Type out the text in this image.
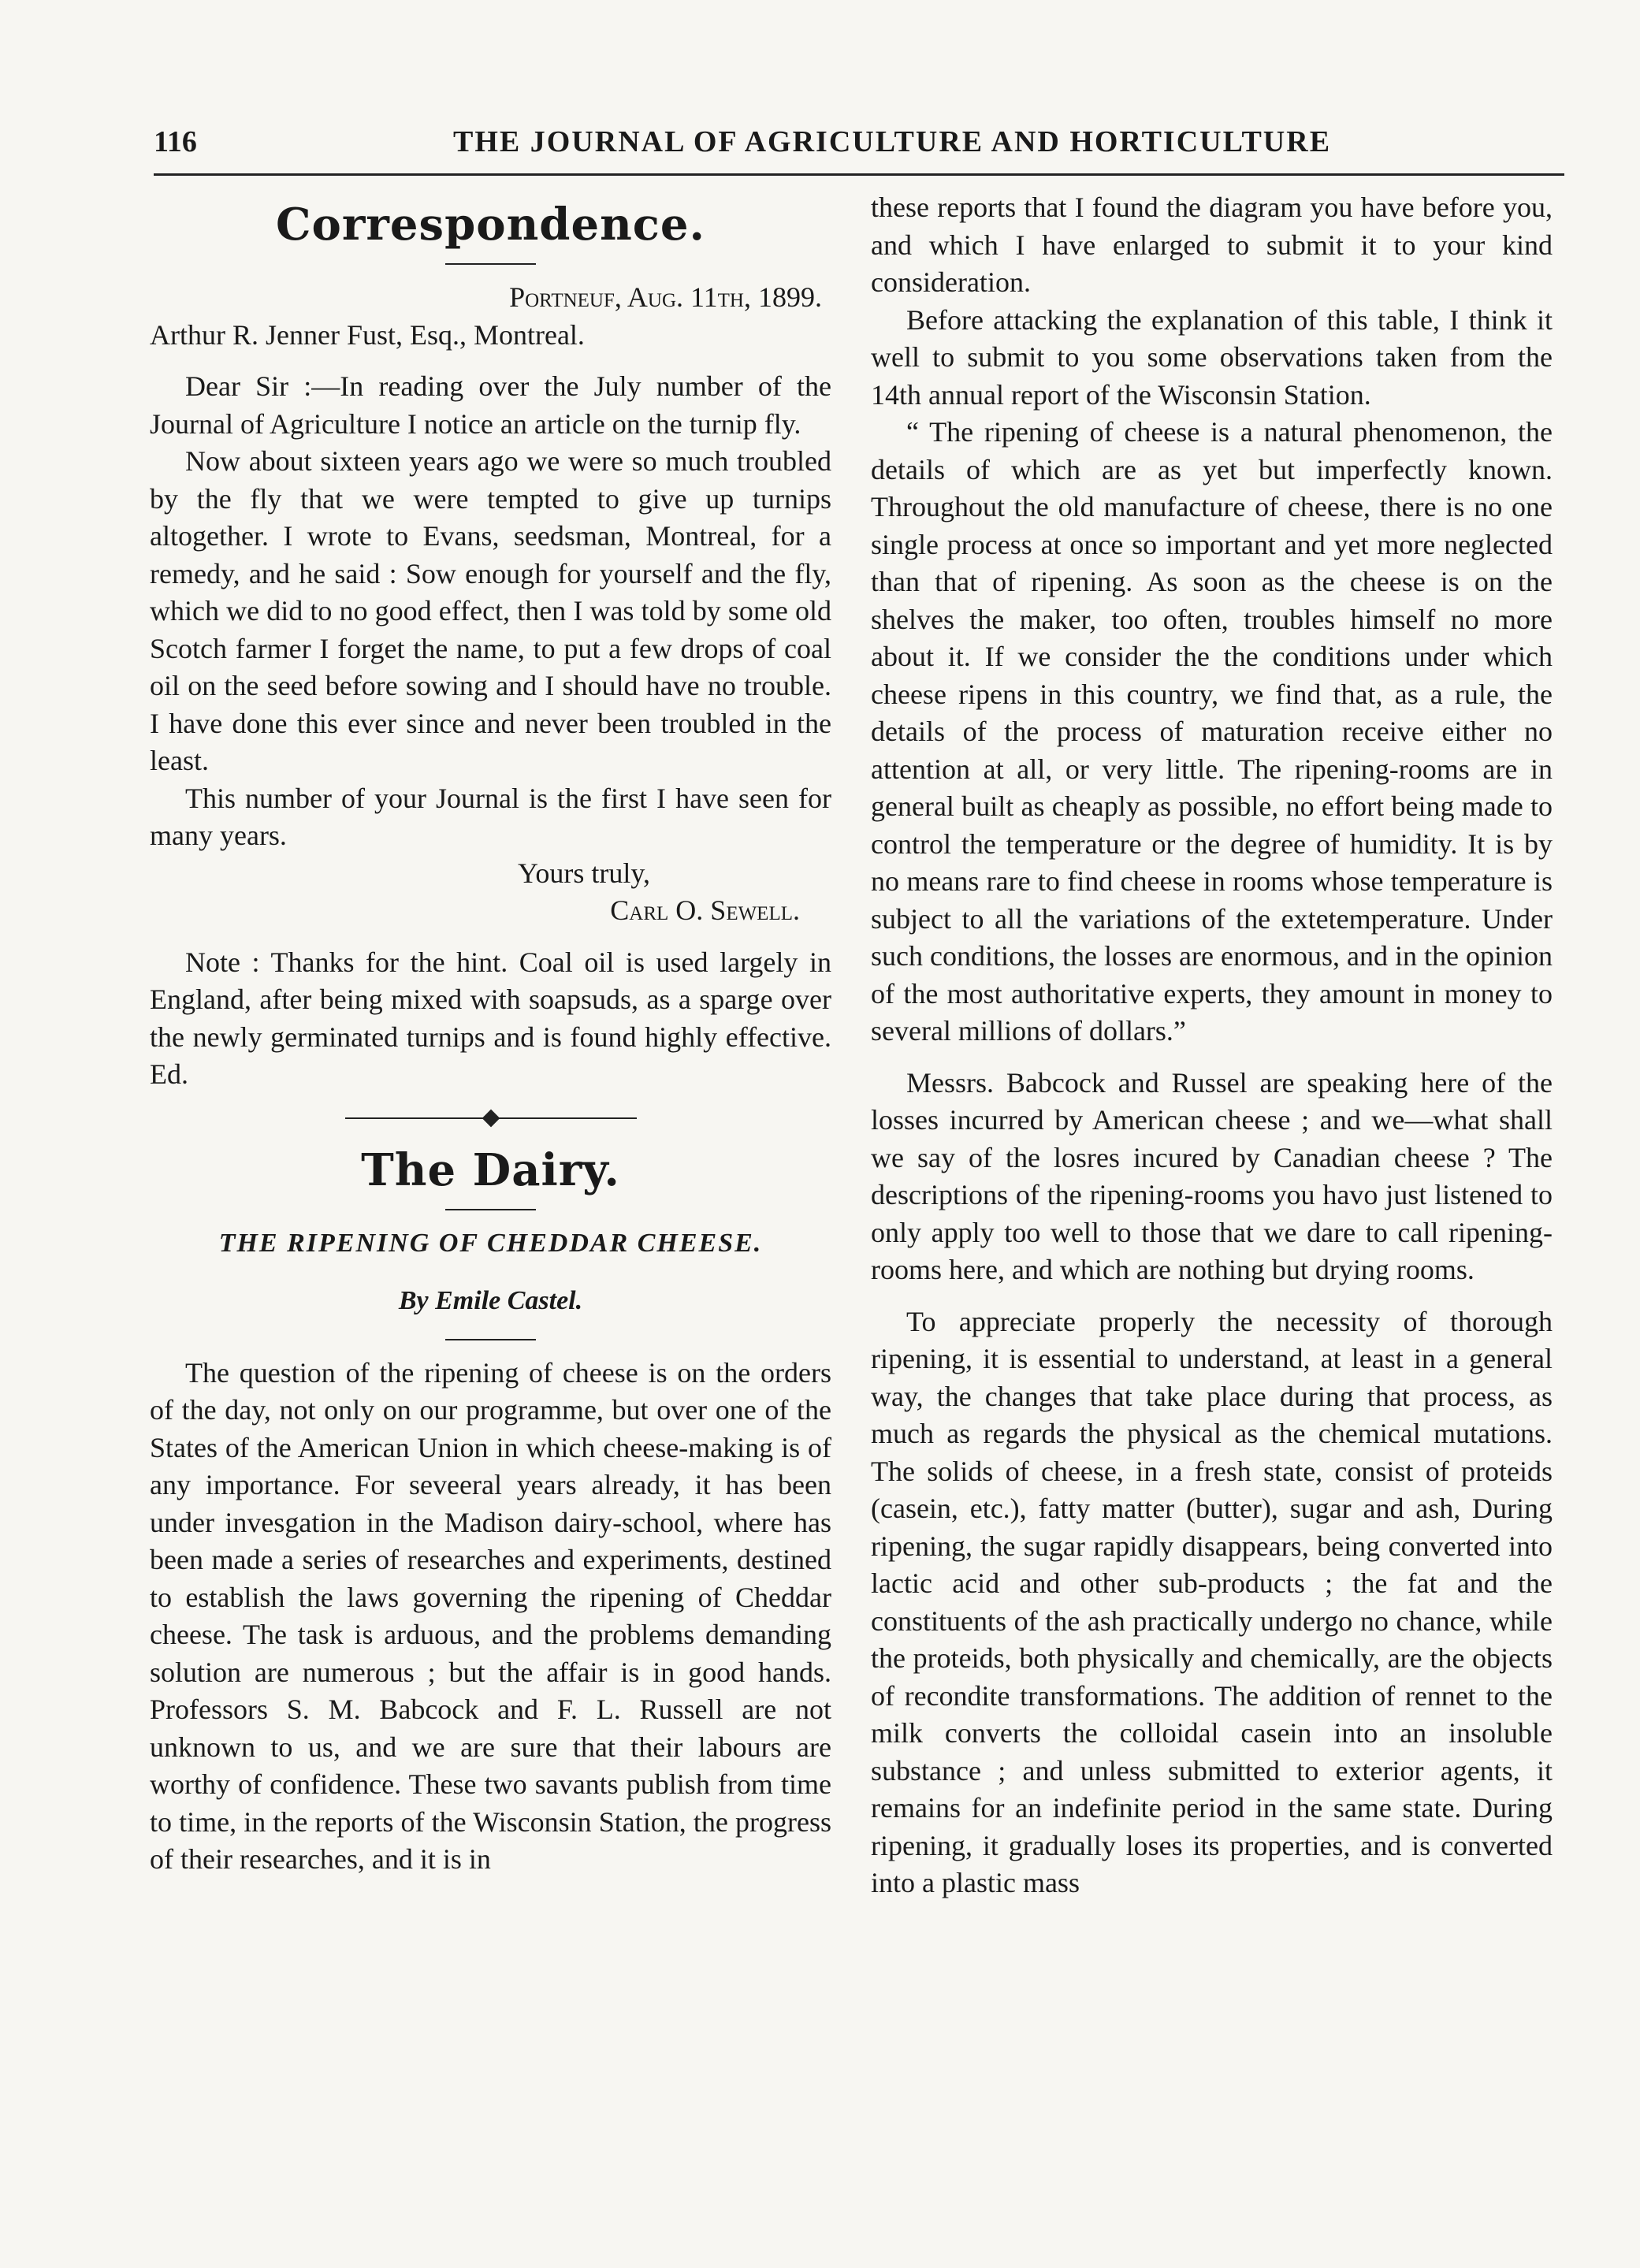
116	THE JOURNAL OF AGRICULTURE AND HORTICULTURE
Correspondence.

Portneuf, Aug. 11th, 1899.

Arthur R. Jenner Fust, Esq., Montreal.

Dear Sir :—In reading over the July number of the Journal of Agriculture I notice an article on the turnip fly.

Now about sixteen years ago we were so much troubled by the fly that we were tempted to give up turnips altogether. I wrote to Evans, seedsman, Montreal, for a remedy, and he said : Sow enough for yourself and the fly, which we did to no good effect, then I was told by some old Scotch farmer I forget the name, to put a few drops of coal oil on the seed before sowing and I should have no trouble. I have done this ever since and never been troubled in the least.

This number of your Journal is the first I have seen for many years.

Yours truly,

Carl O. Sewell.

Note : Thanks for the hint. Coal oil is used largely in England, after being mixed with soapsuds, as a sparge over the newly germinated turnips and is found highly effective. Ed.

The Dairy.
THE RIPENING OF CHEDDAR CHEESE.
By Emile Castel.

The question of the ripening of cheese is on the orders of the day, not only on our programme, but over one of the States of the American Union in which cheese-making is of any importance. For seveeral years already, it has been under invesgation in the Madison dairy-school, where has been made a series of researches and experiments, destined to establish the laws governing the ripening of Cheddar cheese. The task is arduous, and the problems demanding solution are numerous ; but the affair is in good hands. Professors S. M. Babcock and F. L. Russell are not unknown to us, and we are sure that their labours are worthy of confidence. These two savants publish from time to time, in the reports of the Wisconsin Station, the progress of their researches, and it is in

these reports that I found the diagram you have before you, and which I have enlarged to submit it to your kind consideration.

Before attacking the explanation of this table, I think it well to submit to you some observations taken from the 14th annual report of the Wisconsin Station.

“ The ripening of cheese is a natural phenomenon, the details of which are as yet but imperfectly known. Throughout the old manufacture of cheese, there is no one single process at once so important and yet more neglected than that of ripening. As soon as the cheese is on the shelves the maker, too often, troubles himself no more about it. If we consider the the conditions under which cheese ripens in this country, we find that, as a rule, the details of the process of maturation receive either no attention at all, or very little. The ripening-rooms are in general built as cheaply as possible, no effort being made to control the temperature or the degree of humidity. It is by no means rare to find cheese in rooms whose temperature is subject to all the variations of the extetemperature. Under such conditions, the losses are enormous, and in the opinion of the most authoritative experts, they amount in money to several millions of dollars.”

Messrs. Babcock and Russel are speaking here of the losses incurred by American cheese ; and we—what shall we say of the losres incured by Canadian cheese ? The descriptions of the ripening-rooms you havo just listened to only apply too well to those that we dare to call ripening-rooms here, and which are nothing but drying rooms.

To appreciate properly the necessity of thorough ripening, it is essential to understand, at least in a general way, the changes that take place during that process, as much as regards the physical as the chemical mutations. The solids of cheese, in a fresh state, consist of proteids (casein, etc.), fatty matter (butter), sugar and ash, During ripening, the sugar rapidly disappears, being converted into lactic acid and other sub-products ; the fat and the constituents of the ash practically undergo no chance, while the proteids, both physically and chemically, are the objects of recondite transformations. The addition of rennet to the milk converts the colloidal casein into an insoluble substance ; and unless submitted to exterior agents, it remains for an indefinite period in the same state. During ripening, it gradually loses its properties, and is converted into a plastic mass
